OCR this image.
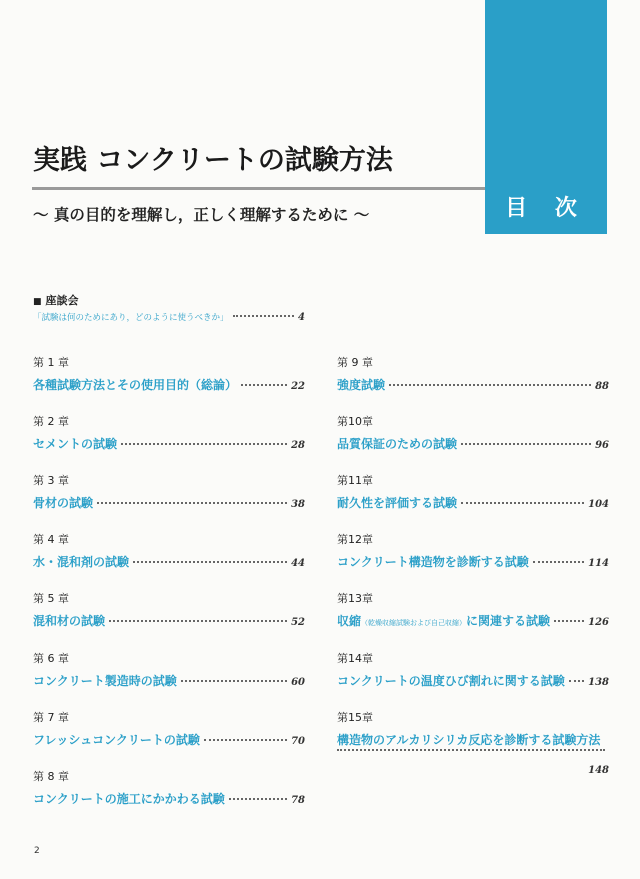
目 次
実践 コンクリートの試験方法
〜 真の目的を理解し，正しく理解するために 〜
■ 座談会
「試験は何のためにあり，どのように使うべきか」	4
第 1 章
各種試験方法とその使用目的（総論）	22
第 2 章
セメントの試験	28
第 3 章
骨材の試験	38
第 4 章
水・混和剤の試験	44
第 5 章
混和材の試験	52
第 6 章
コンクリート製造時の試験	60
第 7 章
フレッシュコンクリートの試験	70
第 8 章
コンクリートの施工にかかわる試験	78
第 9 章
強度試験	88
第10章
品質保証のための試験	96
第11章
耐久性を評価する試験	104
第12章
コンクリート構造物を診断する試験	114
第13章
収縮（乾燥収縮試験および自己収縮）に関連する試験	126
第14章
コンクリートの温度ひび割れに関する試験 138
第15章
構造物のアルカリシリカ反応を診断する試験方法
148
2
